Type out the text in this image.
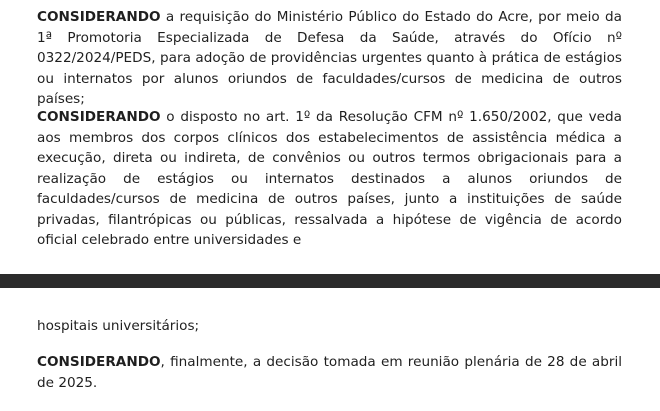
CONSIDERANDO a requisição do Ministério Público do Estado do Acre, por meio da 1ª Promotoria Especializada de Defesa da Saúde, através do Ofício nº 0322/2024/PEDS, para adoção de providências urgentes quanto à prática de estágios ou internatos por alunos oriundos de faculdades/cursos de medicina de outros países;

CONSIDERANDO o disposto no art. 1º da Resolução CFM nº 1.650/2002, que veda aos membros dos corpos clínicos dos estabelecimentos de assistência médica a execução, direta ou indireta, de convênios ou outros termos obrigacionais para a realização de estágios ou internatos destinados a alunos oriundos de faculdades/cursos de medicina de outros países, junto a instituições de saúde privadas, filantrópicas ou públicas, ressalvada a hipótese de vigência de acordo oficial celebrado entre universidades e

hospitais universitários;

CONSIDERANDO, finalmente, a decisão tomada em reunião plenária de 28 de abril de 2025.
